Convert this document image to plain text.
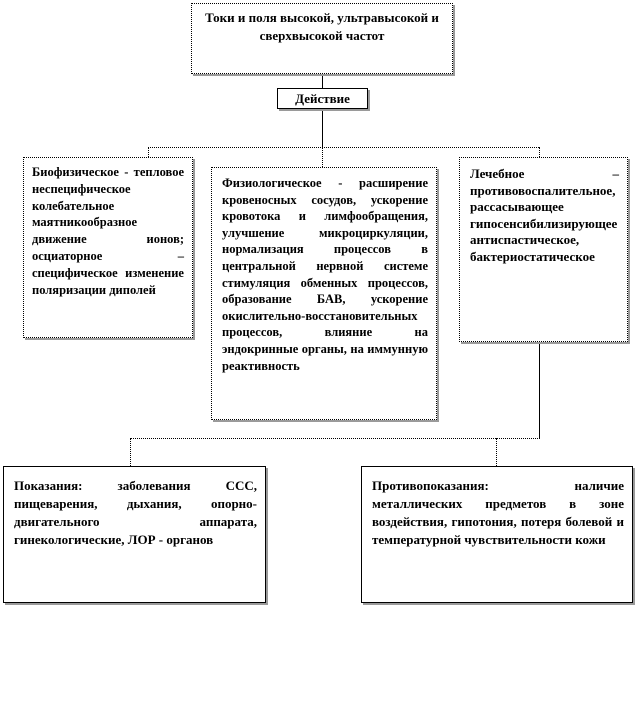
Токи и поля высокой, ультравысокой и сверхвысокой частот
Действие
Биофизическое - тепловое неспецифическое колебательное маятникообразное движение ионов; осциаторное – специфическое изменение поляризации диполей
Физиологическое - расширение кровеносных сосудов, ускорение кровотока и лимфообращения, улучшение микроциркуляции, нормализация процессов в центральной нервной системе стимуляция обменных процессов, образование БАВ, ускорение окислительно-восстановительных процессов, влияние на эндокринные органы, на иммунную реактивность
Лечебное – противовоспалительное, рассасывающее гипосенсибилизирующее антиспастическое, бактериостатическое
Показания: заболевания ССС, пищеварения, дыхания, опорно-двигательного аппарата, гинекологические, ЛОР - органов
Противопоказания: наличие металлических предметов в зоне воздействия, гипотония, потеря болевой и температурной чувствительности кожи
